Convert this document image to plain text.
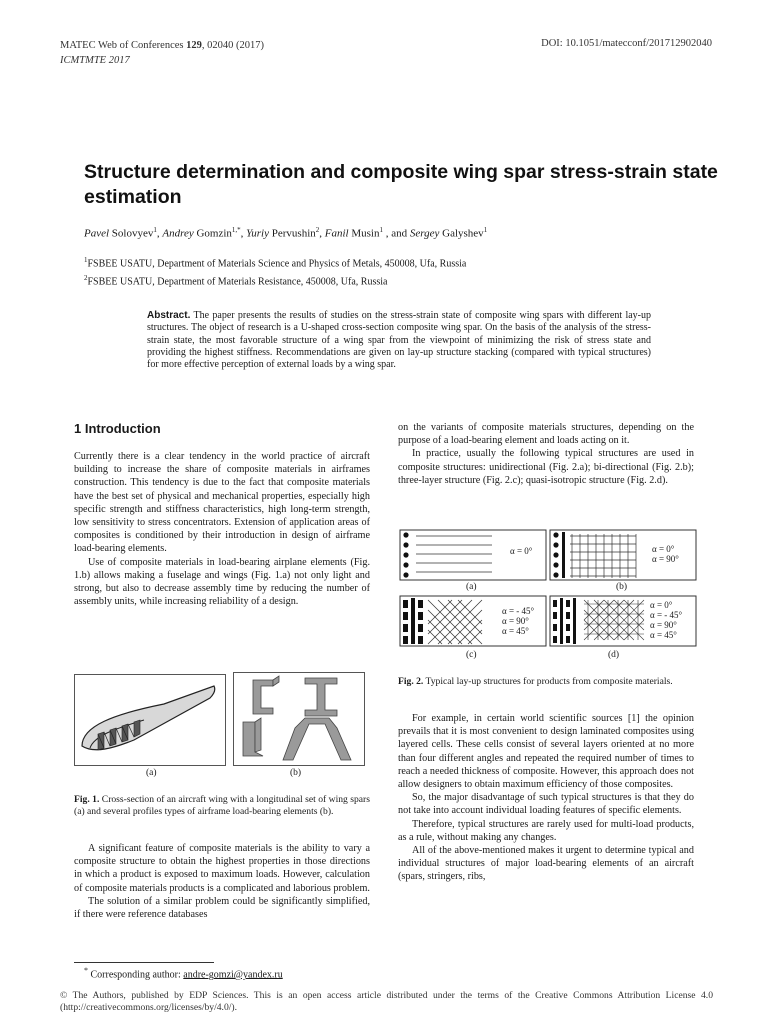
MATEC Web of Conferences 129, 02040 (2017)
ICMTMTE 2017
DOI: 10.1051/matecconf/201712902040
Structure determination and composite wing spar stress-strain state estimation
Pavel Solovyev$^1$, Andrey Gomzin$^{1,*}$, Yuriy Pervushin$^2$, Fanil Musin$^1$ , and Sergey Galyshev$^1$
$^1$FSBEE USATU, Department of Materials Science and Physics of Metals, 450008, Ufa, Russia
$^2$FSBEE USATU, Department of Materials Resistance, 450008, Ufa, Russia
Abstract. The paper presents the results of studies on the stress-strain state of composite wing spars with different lay-up structures. The object of research is a U-shaped cross-section composite wing spar. On the basis of the analysis of the stress-strain state, the most favorable structure of a wing spar from the viewpoint of minimizing the risk of stress state and providing the highest stiffness. Recommendations are given on lay-up structure stacking (compared with typical structures) for more effective perception of external loads by a wing spar.
1 Introduction

Currently there is a clear tendency in the world practice of aircraft building to increase the share of composite materials in airframes construction. This tendency is due to the fact that composite materials have the best set of physical and mechanical properties, especially high specific strength and stiffness characteristics, high long-term strength, low sensitivity to stress concentrators. Extension of application areas of composites is conditioned by their introduction in design of airframe load-bearing elements.

Use of composite materials in load-bearing airplane elements (Fig. 1.b) allows making a fuselage and wings (Fig. 1.a) not only light and strong, but also to decrease assembly time by reducing the number of assembly units, while increasing reliability of a design.

(a)	(b)
Fig. 1. Cross-section of an aircraft wing with a longitudinal set of wing spars (a) and several profiles types of airframe load-bearing elements (b).

A significant feature of composite materials is the ability to vary a composite structure to obtain the highest properties in those directions in which a product is exposed to maximum loads. However, calculation of composite materials products is a complicated and laborious problem.

The solution of a similar problem could be significantly simplified, if there were reference databases

on the variants of composite materials structures, depending on the purpose of a load-bearing element and loads acting on it.

In practice, usually the following typical structures are used in composite structures: unidirectional (Fig. 2.a); bi-directional (Fig. 2.b); three-layer structure (Fig. 2.c); quasi-isotropic structure (Fig. 2.d).

α = 0°	α = 0°
α = 90°
α = - 45°
α = 90°
α = 45°
α = 0°
α = - 45°
α = 90°
α = 45°
(a)	(b)
(c)	(d)
Fig. 2. Typical lay-up structures for products from composite materials.

For example, in certain world scientific sources [1] the opinion prevails that it is most convenient to design laminated composites using layered cells. These cells consist of several layers oriented at no more than four different angles and repeated the required number of times to reach a needed thickness of composite. However, this approach does not allow designers to obtain maximum efficiency of those composites.

So, the major disadvantage of such typical structures is that they do not take into account individual loading features of specific elements.

Therefore, typical structures are rarely used for multi-load products, as a rule, without making any changes.

All of the above-mentioned makes it urgent to determine typical and individual structures of major load-bearing elements of an aircraft (spars, stringers, ribs,

* Corresponding author: andre-gomzi@yandex.ru
© The Authors, published by EDP Sciences. This is an open access article distributed under the terms of the Creative Commons Attribution License 4.0 (http://creativecommons.org/licenses/by/4.0/).
